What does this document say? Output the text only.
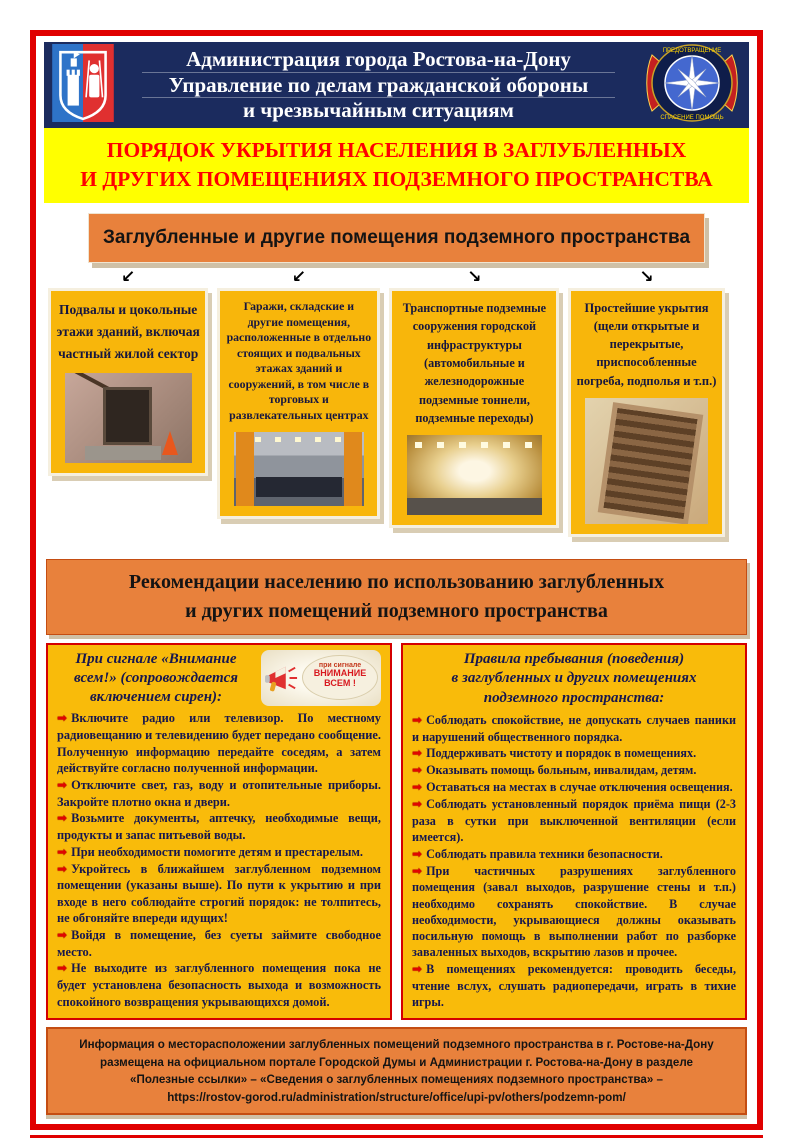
Администрация города Ростова-на-Дону
Управление по делам гражданской обороны
и чрезвычайным ситуациям
ПРЕДОТВРАЩЕНИЕ
СПАСЕНИЕ ПОМОЩЬ
ПОРЯДОК УКРЫТИЯ НАСЕЛЕНИЯ В ЗАГЛУБЛЕННЫХ
И ДРУГИХ ПОМЕЩЕНИЯХ ПОДЗЕМНОГО ПРОСТРАНСТВА
Заглубленные и другие помещения подземного пространства
↙	↙	↘	↘

Подвалы и цокольные этажи зданий, включая частный жилой сектор

Гаражи, складские и другие помещения, расположенные в отдельно стоящих и подвальных этажах зданий и сооружений, в том числе в торговых и развлекательных центрах

Транспортные подземные сооружения городской инфраструктуры (автомобильные и железнодорожные подземные тоннели, подземные переходы)

Простейшие укрытия (щели открытые и перекрытые, приспособленные погреба, подполья и т.п.)

Рекомендации населению по использованию заглубленных
и других помещений подземного пространства
При сигнале «Внимание всем!» (сопровождается включением сирен):
при сигнале
ВНИМАНИЕ ВСЕМ !

➡ Включите радио или телевизор. По местному радиовещанию и телевидению будет передано сообщение. Полученную информацию передайте соседям, а затем действуйте согласно полученной информации.

➡ Отключите свет, газ, воду и отопительные приборы. Закройте плотно окна и двери.

➡ Возьмите документы, аптечку, необходимые вещи, продукты и запас питьевой воды.

➡ При необходимости помогите детям и престарелым.

➡ Укройтесь в ближайшем заглубленном подземном помещении (указаны выше). По пути к укрытию и при входе в него соблюдайте строгий порядок: не толпитесь, не обгоняйте впереди идущих!

➡ Войдя в помещение, без суеты займите свободное место.

➡ Не выходите из заглубленного помещения пока не будет установлена безопасность выхода и возможность спокойного возвращения укрывающихся домой.

Правила пребывания (поведения)
в заглубленных и других помещениях
подземного пространства:

➡ Соблюдать спокойствие, не допускать случаев паники и нарушений общественного порядка.

➡ Поддерживать чистоту и порядок в помещениях.

➡ Оказывать помощь больным, инвалидам, детям.

➡ Оставаться на местах в случае отключения освещения.

➡ Соблюдать установленный порядок приёма пищи (2-3 раза в сутки при выключенной вентиляции (если имеется).

➡ Соблюдать правила техники безопасности.

➡ При частичных разрушениях заглубленного помещения (завал выходов, разрушение стены и т.п.) необходимо сохранять спокойствие. В случае необходимости, укрывающиеся должны оказывать посильную помощь в выполнении работ по разборке заваленных выходов, вскрытию лазов и прочее.

➡ В помещениях рекомендуется: проводить беседы, чтение вслух, слушать радиопередачи, играть в тихие игры.

Информация о месторасположении заглубленных помещений подземного пространства в г. Ростове-на-Дону
размещена на официальном портале Городской Думы и Администрации г. Ростова-на-Дону в разделе
«Полезные ссылки» – «Сведения о заглубленных помещениях подземного пространства» –
https://rostov-gorod.ru/administration/structure/office/upi-pv/others/podzemn-pom/
